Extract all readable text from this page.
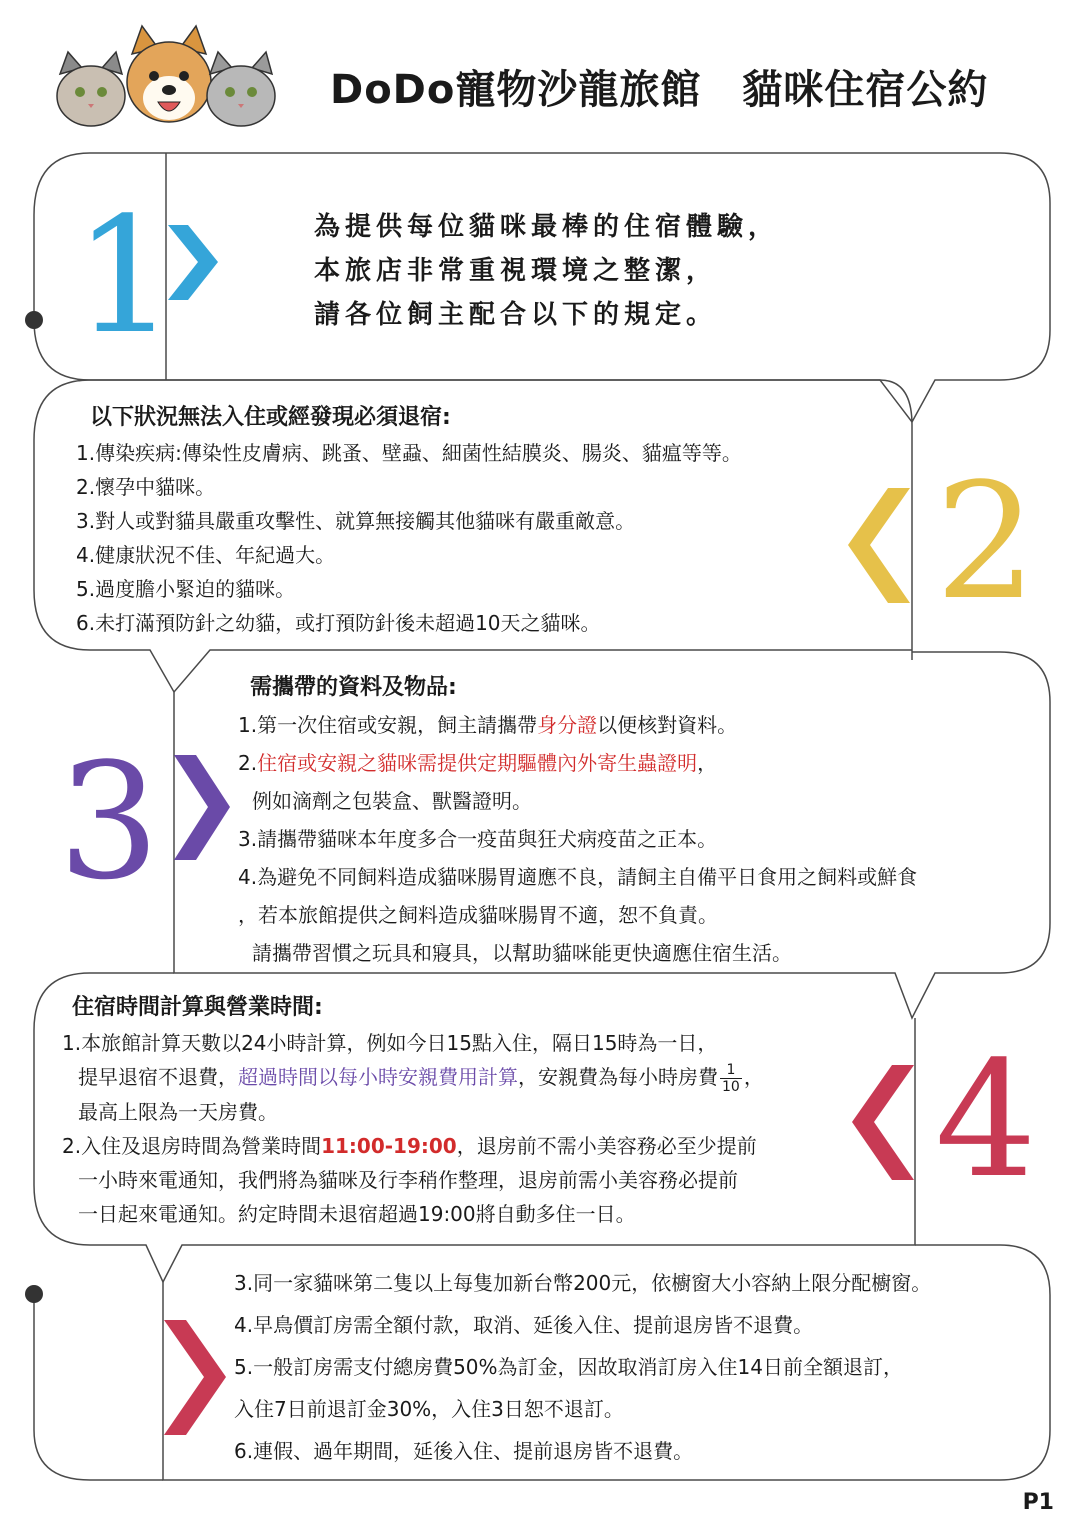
1
2
3
4
DoDo寵物沙龍旅館　貓咪住宿公約
為提供每位貓咪最棒的住宿體驗，
本旅店非常重視環境之整潔，
請各位飼主配合以下的規定。
以下狀況無法入住或經發現必須退宿:
1.傳染疾病:傳染性皮膚病、跳蚤、壁蝨、細菌性結膜炎、腸炎、貓瘟等等。
2.懷孕中貓咪。
3.對人或對貓具嚴重攻擊性、就算無接觸其他貓咪有嚴重敵意。
4.健康狀況不佳、年紀過大。
5.過度膽小緊迫的貓咪。
6.未打滿預防針之幼貓，或打預防針後未超過10天之貓咪。
需攜帶的資料及物品:
1.第一次住宿或安親，飼主請攜帶身分證以便核對資料。
2.住宿或安親之貓咪需提供定期驅體內外寄生蟲證明，
例如滴劑之包裝盒、獸醫證明。
3.請攜帶貓咪本年度多合一疫苗與狂犬病疫苗之正本。
4.為避免不同飼料造成貓咪腸胃適應不良，請飼主自備平日食用之飼料或鮮食
，若本旅館提供之飼料造成貓咪腸胃不適，恕不負責。
請攜帶習慣之玩具和寢具，以幫助貓咪能更快適應住宿生活。
住宿時間計算與營業時間:
1.本旅館計算天數以24小時計算，例如今日15點入住，隔日15時為一日，
提早退宿不退費，超過時間以每小時安親費用計算，安親費為每小時房費 $\frac{1}{10}$ ，
最高上限為一天房費。
2.入住及退房時間為營業時間11:00-19:00，退房前不需小美容務必至少提前
一小時來電通知，我們將為貓咪及行李稍作整理，退房前需小美容務必提前
一日起來電通知。約定時間未退宿超過19:00將自動多住一日。
3.同一家貓咪第二隻以上每隻加新台幣200元，依櫥窗大小容納上限分配櫥窗。
4.早鳥價訂房需全額付款，取消、延後入住、提前退房皆不退費。
5.一般訂房需支付總房費50%為訂金，因故取消訂房入住14日前全額退訂，
入住7日前退訂金30%，入住3日恕不退訂。
6.連假、過年期間，延後入住、提前退房皆不退費。
P1
